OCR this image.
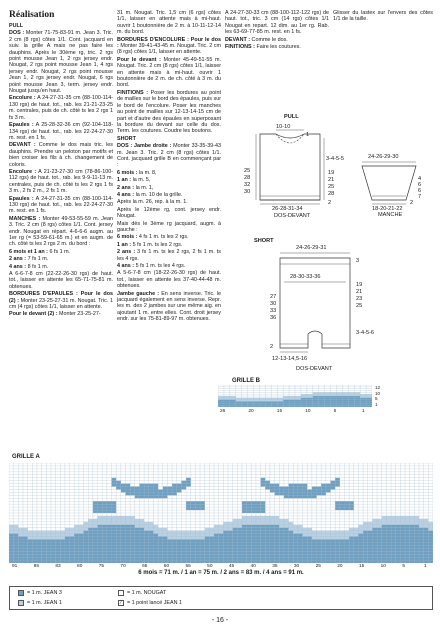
Réalisation
PULL
DOS : Monter 71-75-83-91 m. Jean 3. Tric. 2 cm (8 rgs) côtes 1/1. Cont. jacquard en suiv. la grille A mais ne pas faire les dauphins. Après le 30ème rg, tric. 2 rgs point mousse Jean 1, 2 rgs jersey endr. Nougat, 2 rgs point mousse Jean 1, 4 rgs jersey endr. Nougat, 2 rgs point mousse Jean 1, 2 rgs jersey endr. Nougat, 6 rgs point mousse Jean 3, term. jersey endr. Nougat jusqu'en haut.
Encolure : A 24-27-31-35 cm (88-100-114-130 rgs) de haut. tot., rab. les 21-21-23-25 m. centrales, puis de ch. côté ts les 2 rgs 1 fs 3 m.
Epaules : A 25-28-32-36 cm (92-104-118-134 rgs) de haut. tot., rab. les 22-24-27-30 m. rest. en 1 fs.
DEVANT : Comme le dos mais tric. les dauphins. Prendre un peloton par motifs et bien croiser les fils à ch. changement de coloris.
Encolure : A 21-23-27-30 cm (78-86-100-112 rgs) de haut. tot., rab. les 9-9-11-13 m. centrales, puis de ch. côté ts les 2 rgs 1 fs 3 m., 2 fs 2 m., 2 fs 1 m.
Epaules : A 24-27-31-35 cm (88-100-114-130 rgs) de haut. tot., rab. les 22-24-27-30 m. rest. en 1 fs.
MANCHES : Monter 49-53-55-59 m. Jean 3. Tric. 2 cm (8 rgs) côtes 1/1. Cont. jersey endr. Nougat en répart. 4-6-6-6 augm. au 1er rg (= 53-59-61-65 m.) et en augm. de ch. côté ts les 2 rgs 2 m. du bord :
6 mois et 1 an : 6 fs 1 m.
2 ans : 7 fs 1 m.
4 ans : 8 fs 1 m.
A 6-6-7-8 cm (22-22-26-30 rgs) de haut. tot., laisser en attente les 65-71-75-81 m. obtenues.
BORDURES D'EPAULES : Pour le dos (2) : Monter 23-25-27-31 m. Nougat. Tric. 1 cm (4 rgs) côtes 1/1, laisser en attente.
Pour le devant (2) : Monter 23-25-27-
31 m. Nougat. Tric. 1,5 cm (6 rgs) côtes 1/1, laisser en attente mais à mi-haut. ouvrir 1 boutonnière de 2 m. à 10-11-12-14 m. du bord.
BORDURES D'ENCOLURE : Pour le dos : Monter 39-41-43-45 m. Nougat. Tric. 2 cm (8 rgs) côtes 1/1, laisser en attente.
Pour le devant : Monter 45-49-51-55 m. Nougat. Tric. 2 cm (8 rgs) côtes 1/1, laisser en attente mais à mi-haut. ouvrir 1 boutonnière de 2 m. de ch. côté à 3 m. du bord.
FINITIONS : Poser les bordures au point de mailles sur le bord des épaules, puis sur le bord de l'encolure. Poser les manches au point de mailles sur 12-13-14-15 cm de part et d'autre des épaules en superposant la bordure du devant sur celle du dos. Term. les coutures. Coudre les boutons.
SHORT
DOS : Jambe droite : Monter 33-35-39-43 m. Jean 3. Tric. 2 cm (8 rgs) côtes 1/1. Cont. jacquard grille B en commençant par :
6 mois : la m. 8,
1 an : la m. 5,
2 ans : la m. 1,
4 ans : la m. 10 de la grille.
Après la m. 26, rep. à la m. 1.
Après le 12ème rg, cont. jersey endr. Nougat.
Mais dès le 3ème rg jacquard, augm. à gauche :
6 mois : 4 fs 1 m. ts les 2 rgs.
1 an : 5 fs 1 m. ts les 2 rgs.
2 ans : 3 fs 1 m. ts les 2 rgs, 2 fs 1 m. ts les 4 rgs.
4 ans : 5 fs 1 m. ts les 4 rgs.
A 5-6-7-8 cm (18-22-26-30 rgs) de haut. tot., laisser en attente les 37-40-44-48 m. obtenues.
Jambe gauche : En sens inverse. Tric. le jacquard également en sens inverse. Repr. les m. des 2 jambes sur une même aig. en ajoutant 1 m. entre elles. Cont. droit jersey endr. sur les 75-81-89-97 m. obtenues.
A 24-27-30-33 cm (88-100-112-122 rgs) de haut. tot., tric. 3 cm (14 rgs) côtes 1/1 Nougat en repart. 12 dim. au 1er rg. Rab. les 63-69-77-85 m. rest. en 1 fs.
DEVANT : Comme le dos.
FINITIONS : Faire les coutures.
Glisser du lastex sur l'envers des côtes 1/1 de la taille.
PULL
10-10
1
3-4-5-5
25
28
32
30
19
21
25
28
2
26-28-31-34
DOS-DEVANT
24-26-29-30
4
6
6
7
2
18-20-21-22
MANCHE
SHORT
24-26-29-31
28-30-33-36
27
30
33
36
3
19
21
23
25
3-4-5-6
2
12-13-14,5-16
DOS-DEVANT
GRILLE B
26	20	15	10	5	1
12
10
5
1
GRILLE A
91	85	83	80	75	70	65	60	55	50	45	40	35	30	25	20	15	10	5	1
6 mois = 71 m. / 1 an = 75 m. / 2 ans = 83 m. / 4 ans = 91 m.
= 1 m. JEAN 3	= 1 m. NOUGAT
= 1 m. JEAN 1	⁄	= 1 point lancé JEAN 1
- 16 -
